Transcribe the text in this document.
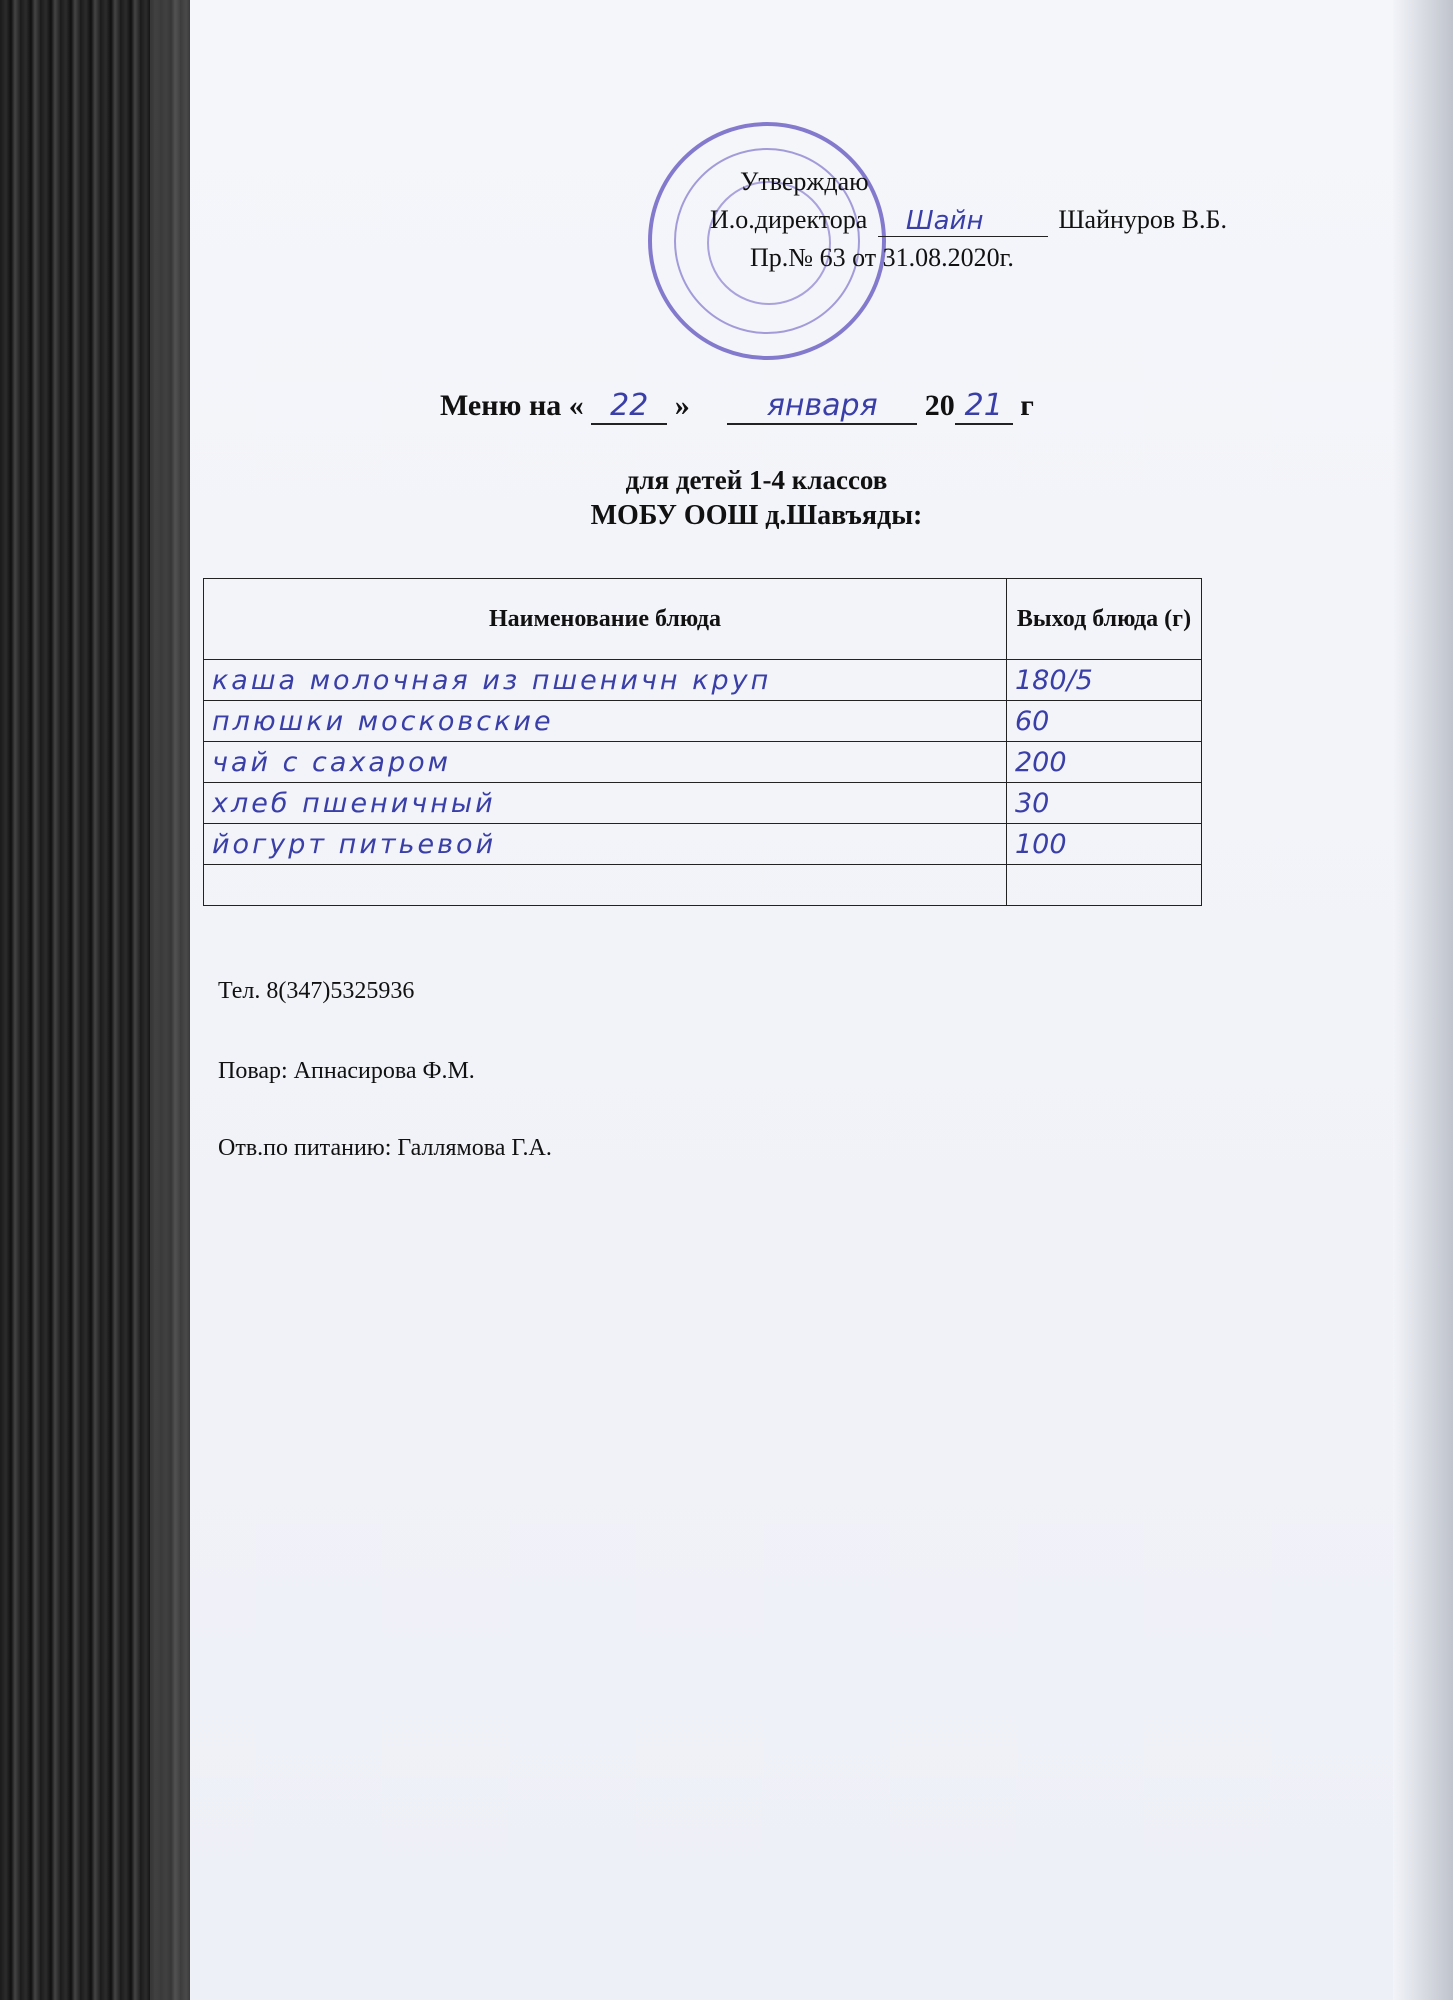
Утверждаю
И.о.директора Шайн	Шайнуров В.Б.
Пр.№ 63 от 31.08.2020г.
Меню на « 22 »	января 20 21 г
для детей 1-4 классов
МОБУ ООШ д.Шавъяды:
Наименование блюда	Выход блюда (г)
каша молочная из пшеничн круп	180/5
плюшки московские	60
чай с сахаром	200
хлеб пшеничный	30
йогурт питьевой	100

Тел. 8(347)5325936
Повар: Апнасирова Ф.М.
Отв.по питанию: Галлямова Г.А.
